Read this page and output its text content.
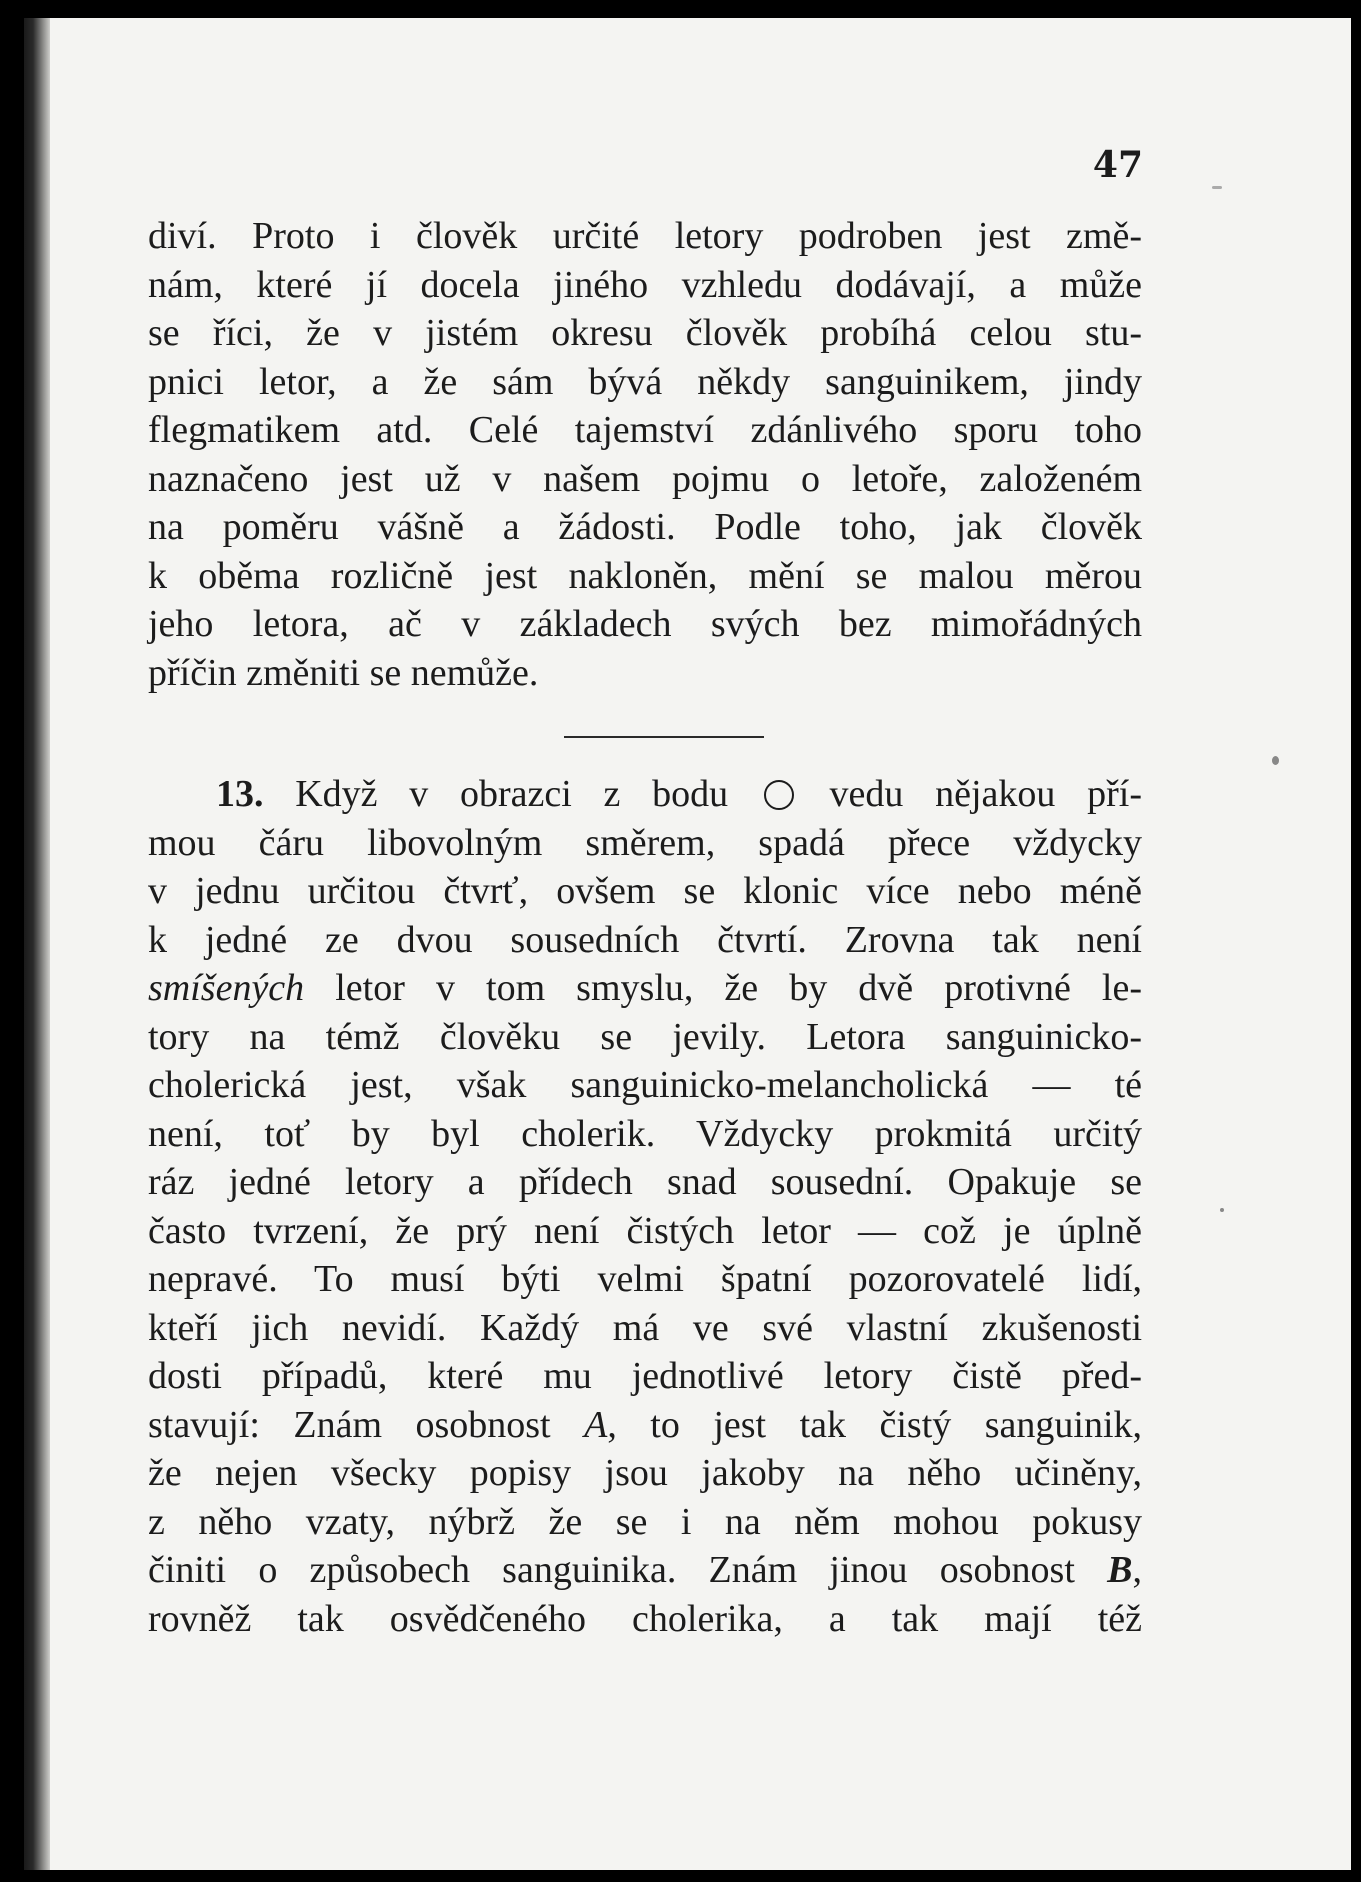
47
diví. Proto i člověk určité letory podroben jest změ-
nám, které jí docela jiného vzhledu dodávají, a může
se říci, že v jistém okresu člověk probíhá celou stu-
pnici letor, a že sám bývá někdy sanguinikem, jindy
flegmatikem atd. Celé tajemství zdánlivého sporu toho
naznačeno jest už v našem pojmu o letoře, založeném
na poměru vášně a žádosti. Podle toho, jak člověk
k oběma rozličně jest nakloněn, mění se malou měrou
jeho letora, ač v základech svých bez mimořádných
příčin změniti se nemůže.
13. Když v obrazci z bodu	vedu nějakou pří-
mou čáru libovolným směrem, spadá přece vždycky
v jednu určitou čtvrť, ovšem se klonic více nebo méně
k jedné ze dvou sousedních čtvrtí. Zrovna tak není
smíšených letor v tom smyslu, že by dvě protivné le-
tory na témž člověku se jevily. Letora sanguinicko-
cholerická jest, však sanguinicko-melancholická — té
není, toť by byl cholerik. Vždycky prokmitá určitý
ráz jedné letory a přídech snad sousední. Opakuje se
často tvrzení, že prý není čistých letor — což je úplně
nepravé. To musí býti velmi špatní pozorovatelé lidí,
kteří jich nevidí. Každý má ve své vlastní zkušenosti
dosti případů, které mu jednotlivé letory čistě před-
stavují: Znám osobnost A, to jest tak čistý sanguinik,
že nejen všecky popisy jsou jakoby na něho učiněny,
z něho vzaty, nýbrž že se i na něm mohou pokusy
činiti o způsobech sanguinika. Znám jinou osobnost B,
rovněž tak osvědčeného cholerika, a tak mají též
